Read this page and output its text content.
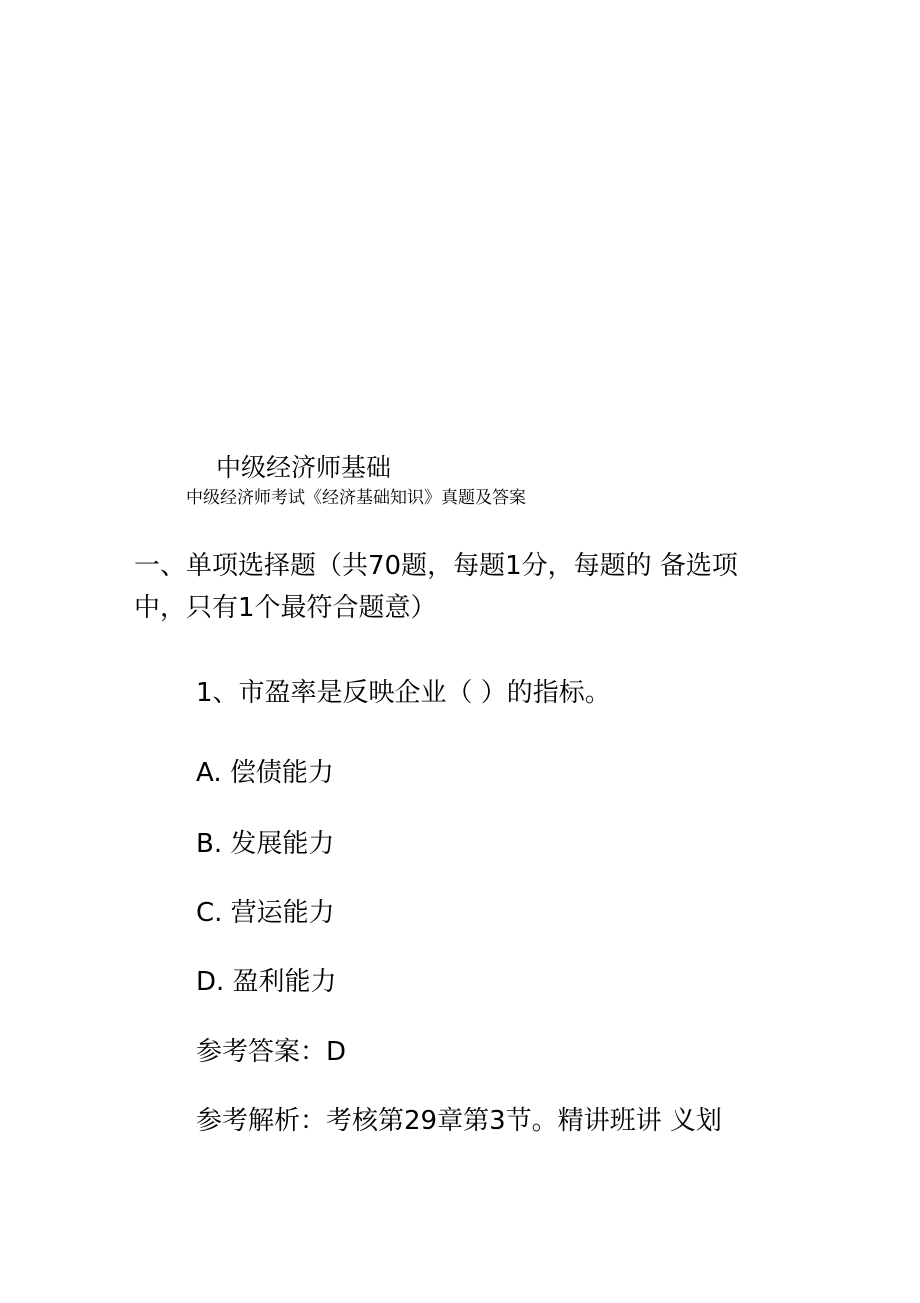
中级经济师基础
中级经济师考试《经济基础知识》真题及答案
一、单项选择题（共70题，每题1分，每题的 备选项中，只有1个最符合题意）
1、市盈率是反映企业（ ）的指标。
A. 偿债能力
B. 发展能力
C. 营运能力
D. 盈利能力
参考答案：D
参考解析：考核第29章第3节。精讲班讲 义划
